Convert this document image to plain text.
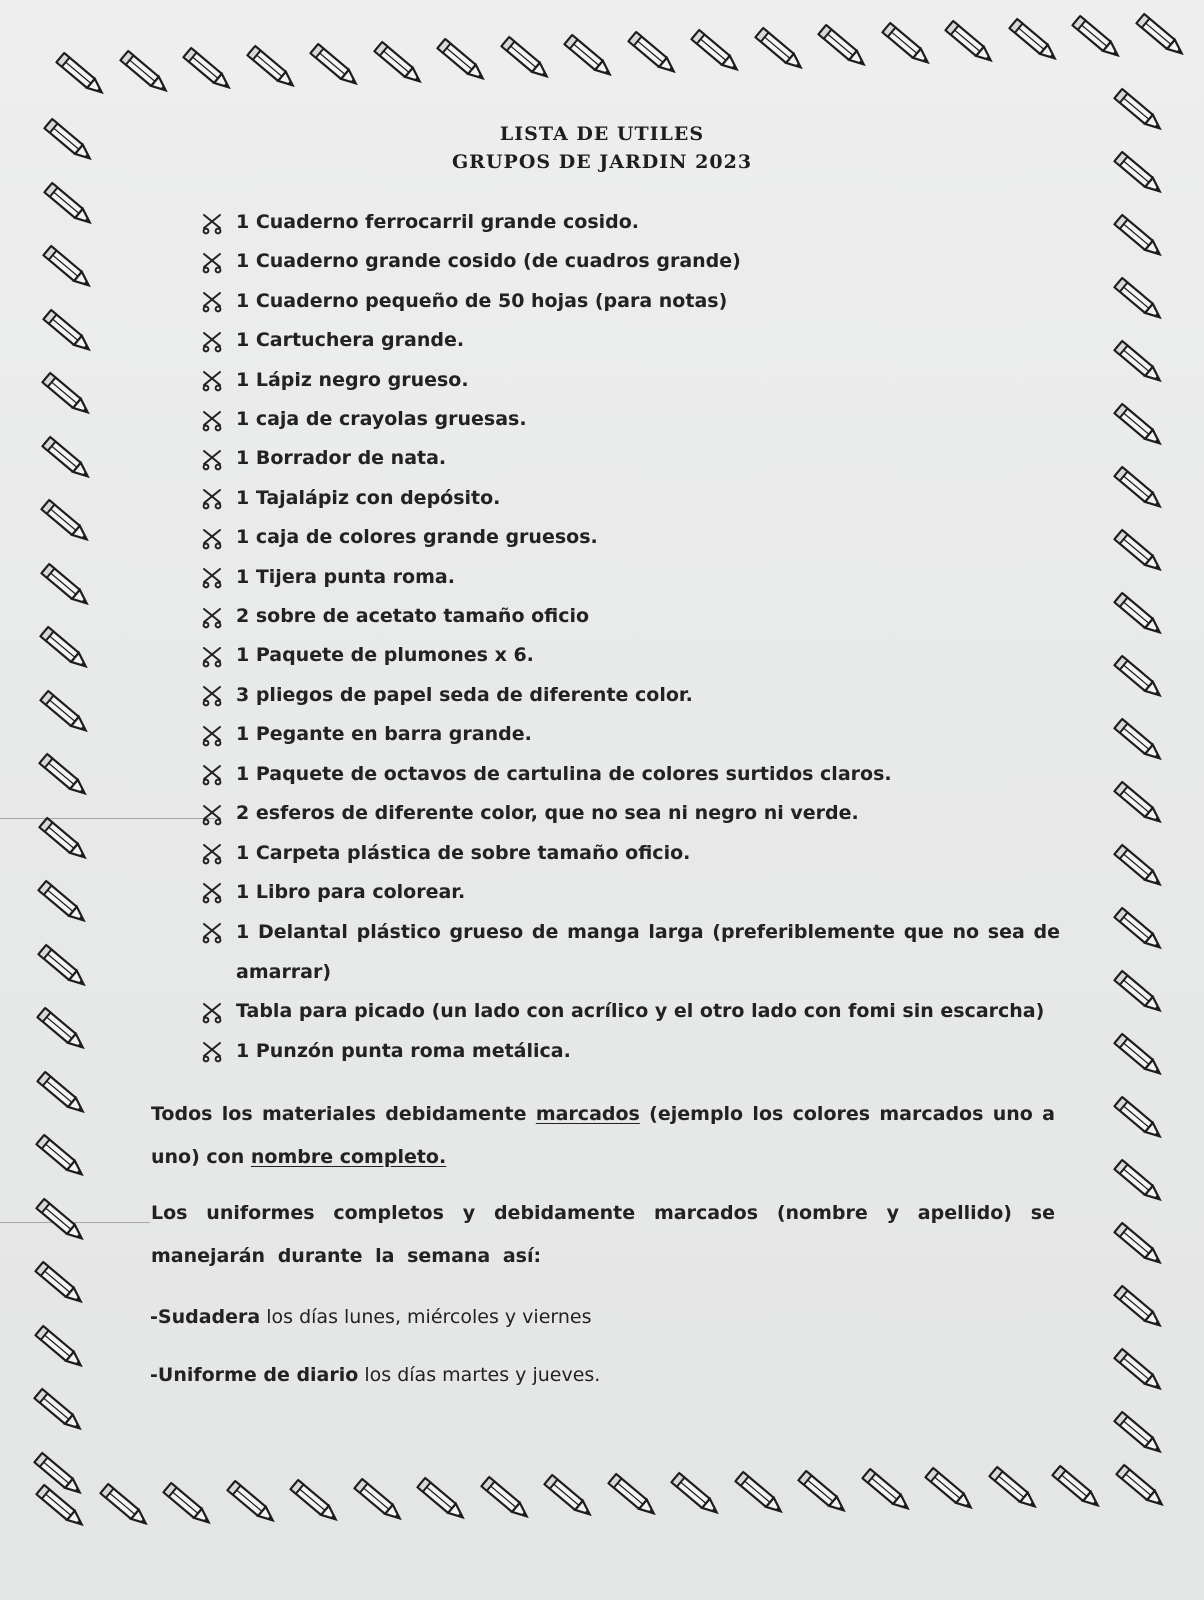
LISTA DE UTILES
GRUPOS DE JARDIN 2023
1 Cuaderno ferrocarril grande cosido.
1 Cuaderno grande cosido (de cuadros grande)
1 Cuaderno pequeño de 50 hojas (para notas)
1 Cartuchera grande.
1 Lápiz negro grueso.
1 caja de crayolas gruesas.
1 Borrador de nata.
1 Tajalápiz con depósito.
1 caja de colores grande gruesos.
1 Tijera punta roma.
2 sobre de acetato tamaño oficio
1 Paquete de plumones x 6.
3 pliegos de papel seda de diferente color.
1 Pegante en barra grande.
1 Paquete de octavos de cartulina de colores surtidos claros.
2 esferos de diferente color, que no sea ni negro ni verde.
1 Carpeta plástica de sobre tamaño oficio.
1 Libro para colorear.
1 Delantal plástico grueso de manga larga (preferiblemente que no sea de amarrar)
Tabla para picado (un lado con acrílico y el otro lado con fomi sin escarcha)
1 Punzón punta roma metálica.
Todos los materiales debidamente marcados (ejemplo los colores marcados uno a uno) con nombre completo.
Los uniformes completos y debidamente marcados (nombre y apellido) se manejarán durante la semana así:
-Sudadera los días lunes, miércoles y viernes
-Uniforme de diario los días martes y jueves.
